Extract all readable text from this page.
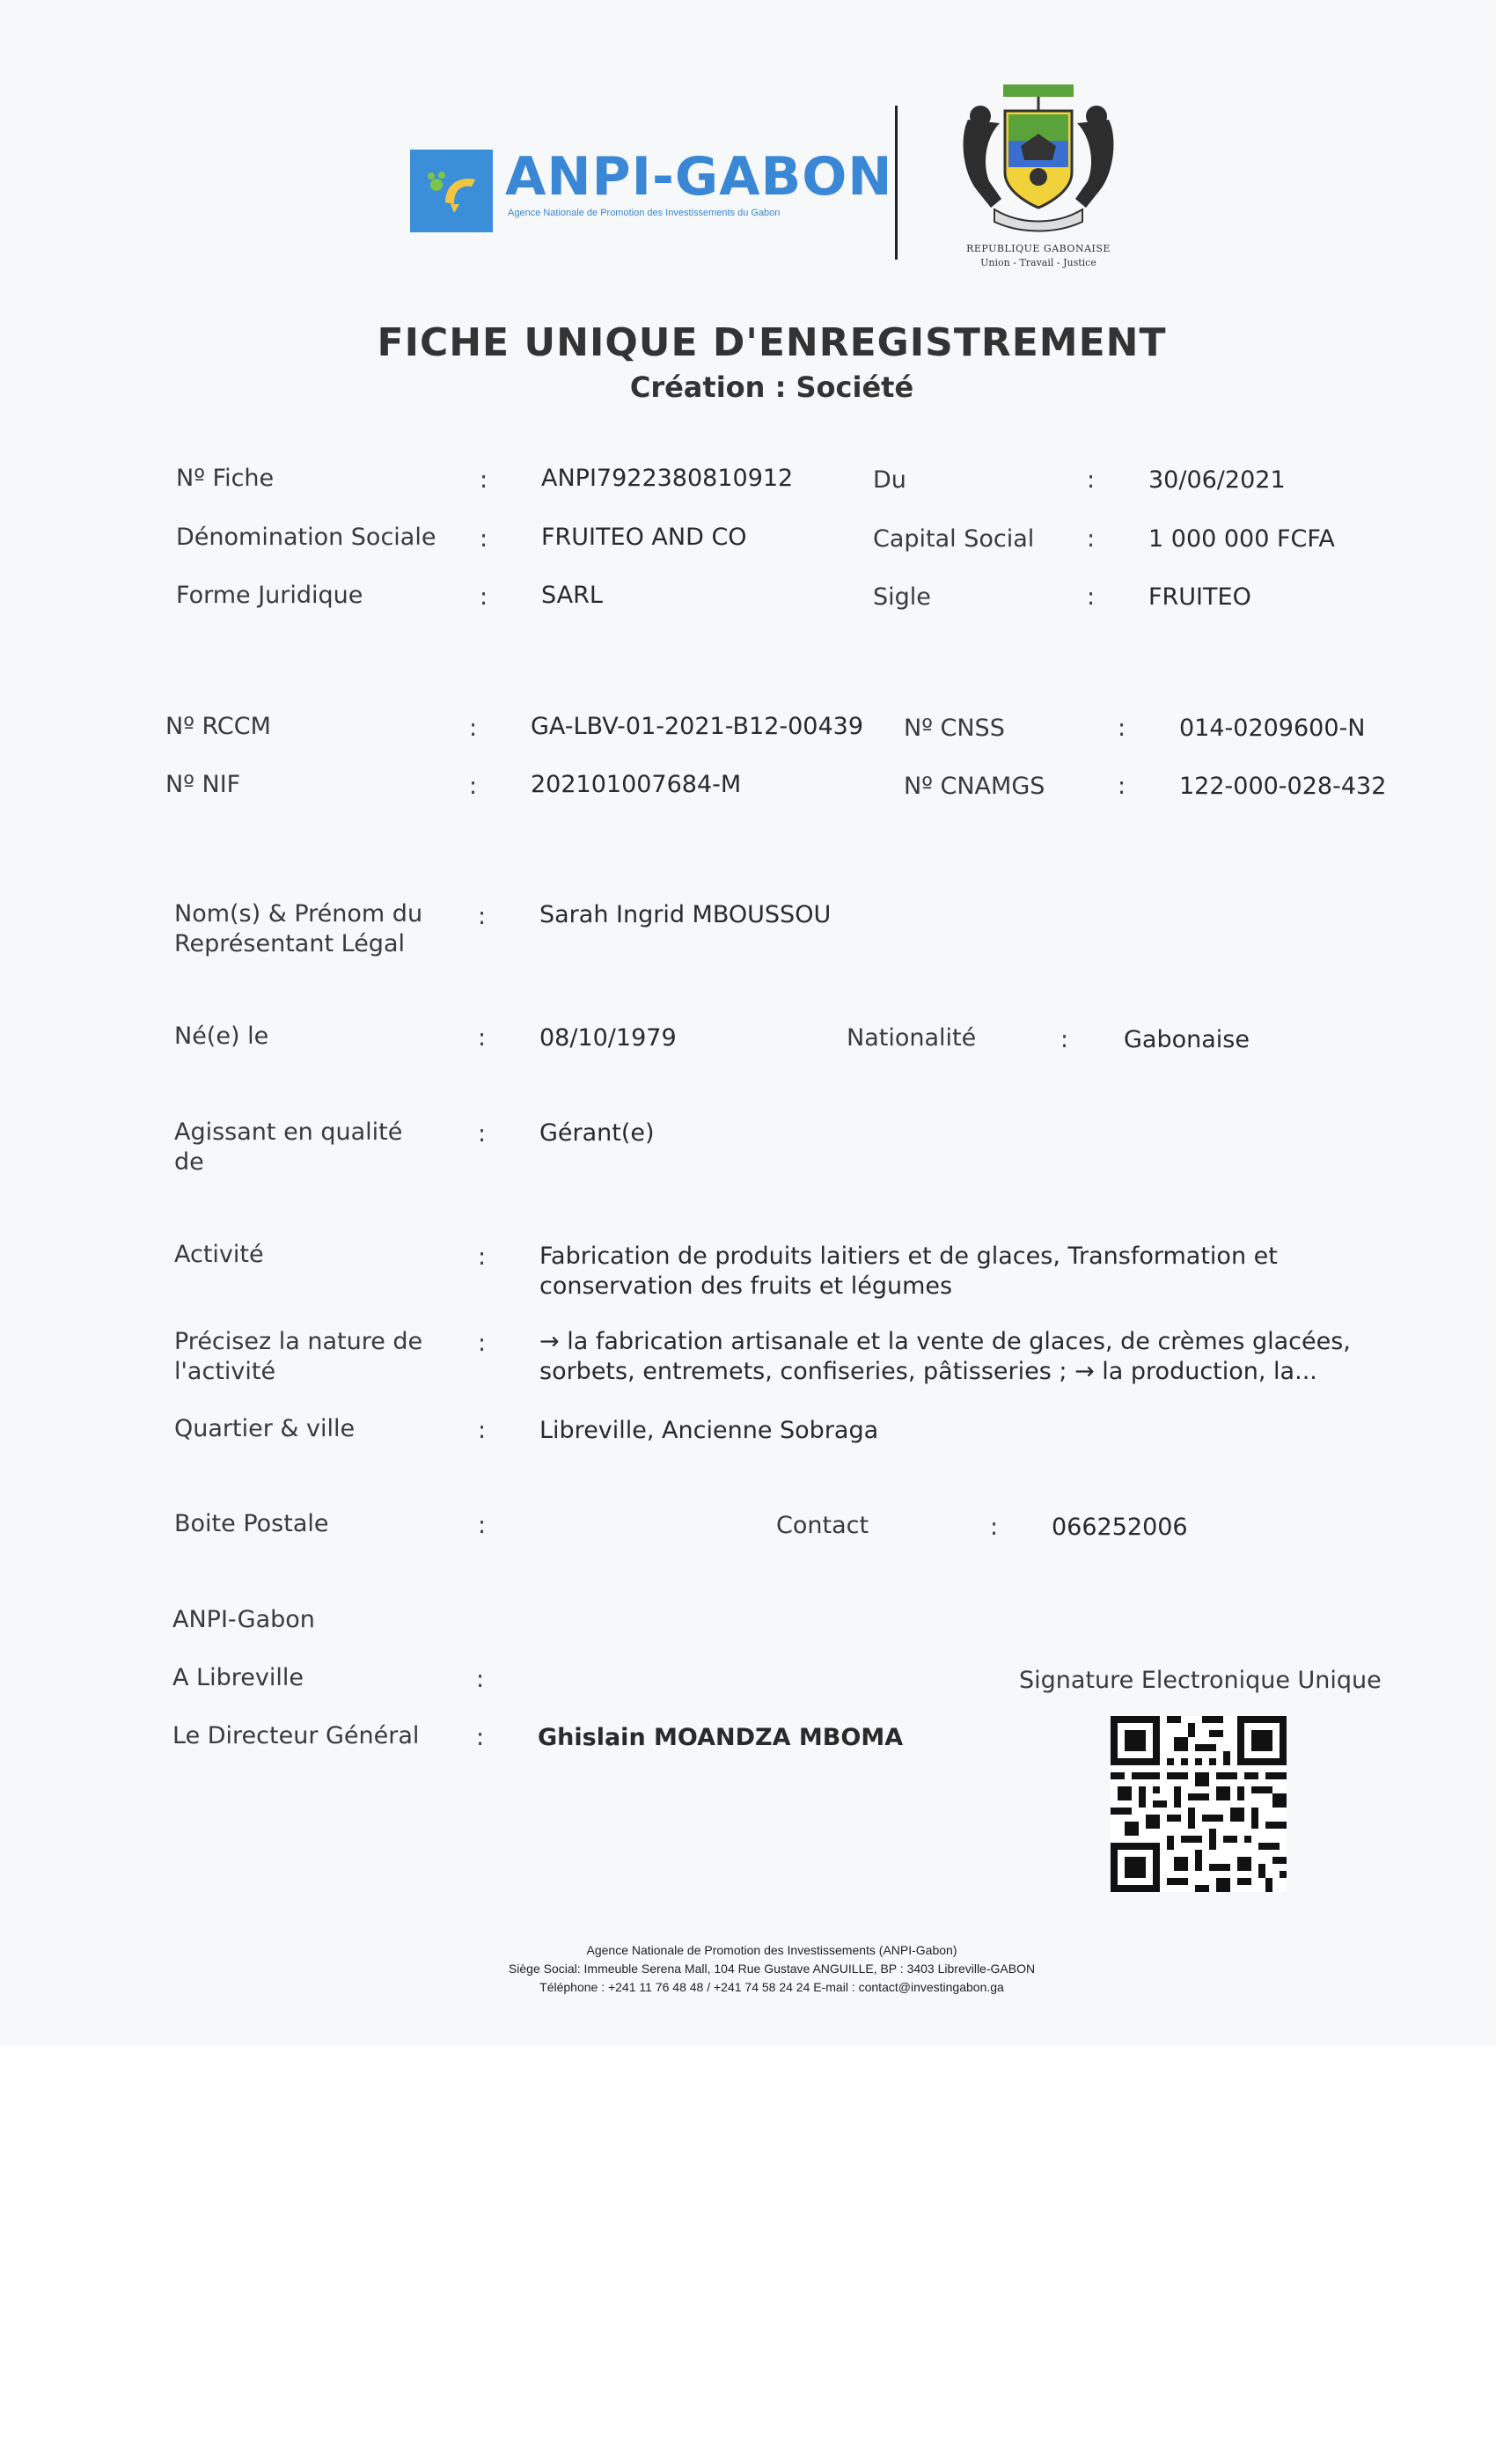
ANPI-GABON
Agence Nationale de Promotion des Investissements du Gabon
REPUBLIQUE GABONAISE
Union - Travail - Justice
FICHE UNIQUE D'ENREGISTREMENT
Création : Société
Nº Fiche	: ANPI7922380810912	Du	: 30/06/2021
Dénomination Sociale : FRUITEO AND CO	Capital Social : 1 000 000 FCFA
Forme Juridique	: SARL	Sigle	: FRUITEO
Nº RCCM	: GA-LBV-01-2021-B12-00439 Nº CNSS	: 014-0209600-N
Nº NIF	: 202101007684-M	Nº CNAMGS	: 122-000-028-432
Nom(s) & Prénom du
Représentant Légal
: Sarah Ingrid MBOUSSOU
Né(e) le	: 08/10/1979	Nationalité	: Gabonaise
Agissant en qualité
de
: Gérant(e)
Activité	: Fabrication de produits laitiers et de glaces, Transformation et
conservation des fruits et légumes
Précisez la nature de
l'activité
: → la fabrication artisanale et la vente de glaces, de crèmes glacées,
sorbets, entremets, confiseries, pâtisseries ; → la production, la...
Quartier & ville	: Libreville, Ancienne Sobraga
Boite Postale	:	Contact	: 066252006
ANPI-Gabon
A Libreville	:	Signature Electronique Unique
Le Directeur Général : Ghislain MOANDZA MBOMA
Agence Nationale de Promotion des Investissements (ANPI-Gabon)
Siège Social: Immeuble Serena Mall, 104 Rue Gustave ANGUILLE, BP : 3403 Libreville-GABON
Téléphone : +241 11 76 48 48 / +241 74 58 24 24 E-mail : contact@investingabon.ga
